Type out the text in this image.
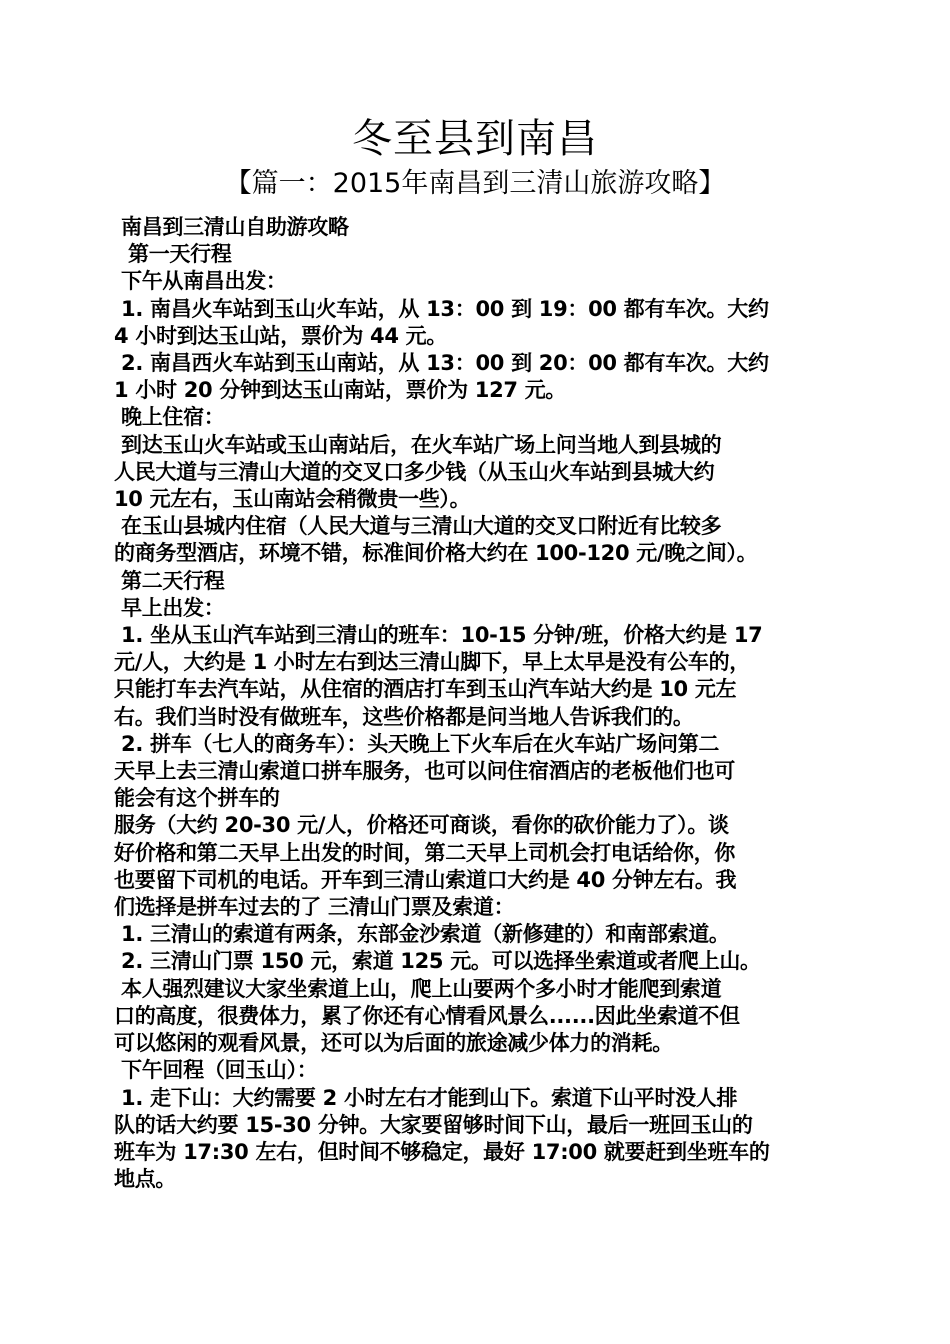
冬至县到南昌
【篇一：2015年南昌到三清山旅游攻略】
南昌到三清山自助游攻略
第一天行程
下午从南昌出发：
1. 南昌火车站到玉山火车站，从 13：00 到 19：00 都有车次。大约
4 小时到达玉山站，票价为 44 元。
2. 南昌西火车站到玉山南站，从 13：00 到 20：00 都有车次。大约
1 小时 20 分钟到达玉山南站，票价为 127 元。
晚上住宿：
到达玉山火车站或玉山南站后，在火车站广场上问当地人到县城的
人民大道与三清山大道的交叉口多少钱（从玉山火车站到县城大约
10 元左右，玉山南站会稍微贵一些）。
在玉山县城内住宿（人民大道与三清山大道的交叉口附近有比较多
的商务型酒店，环境不错，标准间价格大约在 100-120 元/晚之间）。
第二天行程
早上出发：
1. 坐从玉山汽车站到三清山的班车：10-15 分钟/班，价格大约是 17
元/人，大约是 1 小时左右到达三清山脚下，早上太早是没有公车的，
只能打车去汽车站，从住宿的酒店打车到玉山汽车站大约是 10 元左
右。我们当时没有做班车，这些价格都是问当地人告诉我们的。
2. 拼车（七人的商务车）：头天晚上下火车后在火车站广场问第二
天早上去三清山索道口拼车服务，也可以问住宿酒店的老板他们也可
能会有这个拼车的
服务（大约 20-30 元/人，价格还可商谈，看你的砍价能力了）。谈
好价格和第二天早上出发的时间，第二天早上司机会打电话给你，你
也要留下司机的电话。开车到三清山索道口大约是 40 分钟左右。我
们选择是拼车过去的了 三清山门票及索道：
1. 三清山的索道有两条，东部金沙索道（新修建的）和南部索道。
2. 三清山门票 150 元，索道 125 元。可以选择坐索道或者爬上山。
本人强烈建议大家坐索道上山，爬上山要两个多小时才能爬到索道
口的高度，很费体力，累了你还有心情看风景么......因此坐索道不但
可以悠闲的观看风景，还可以为后面的旅途减少体力的消耗。
下午回程（回玉山）：
1. 走下山：大约需要 2 小时左右才能到山下。索道下山平时没人排
队的话大约要 15-30 分钟。大家要留够时间下山，最后一班回玉山的
班车为 17:30 左右，但时间不够稳定，最好 17:00 就要赶到坐班车的
地点。
